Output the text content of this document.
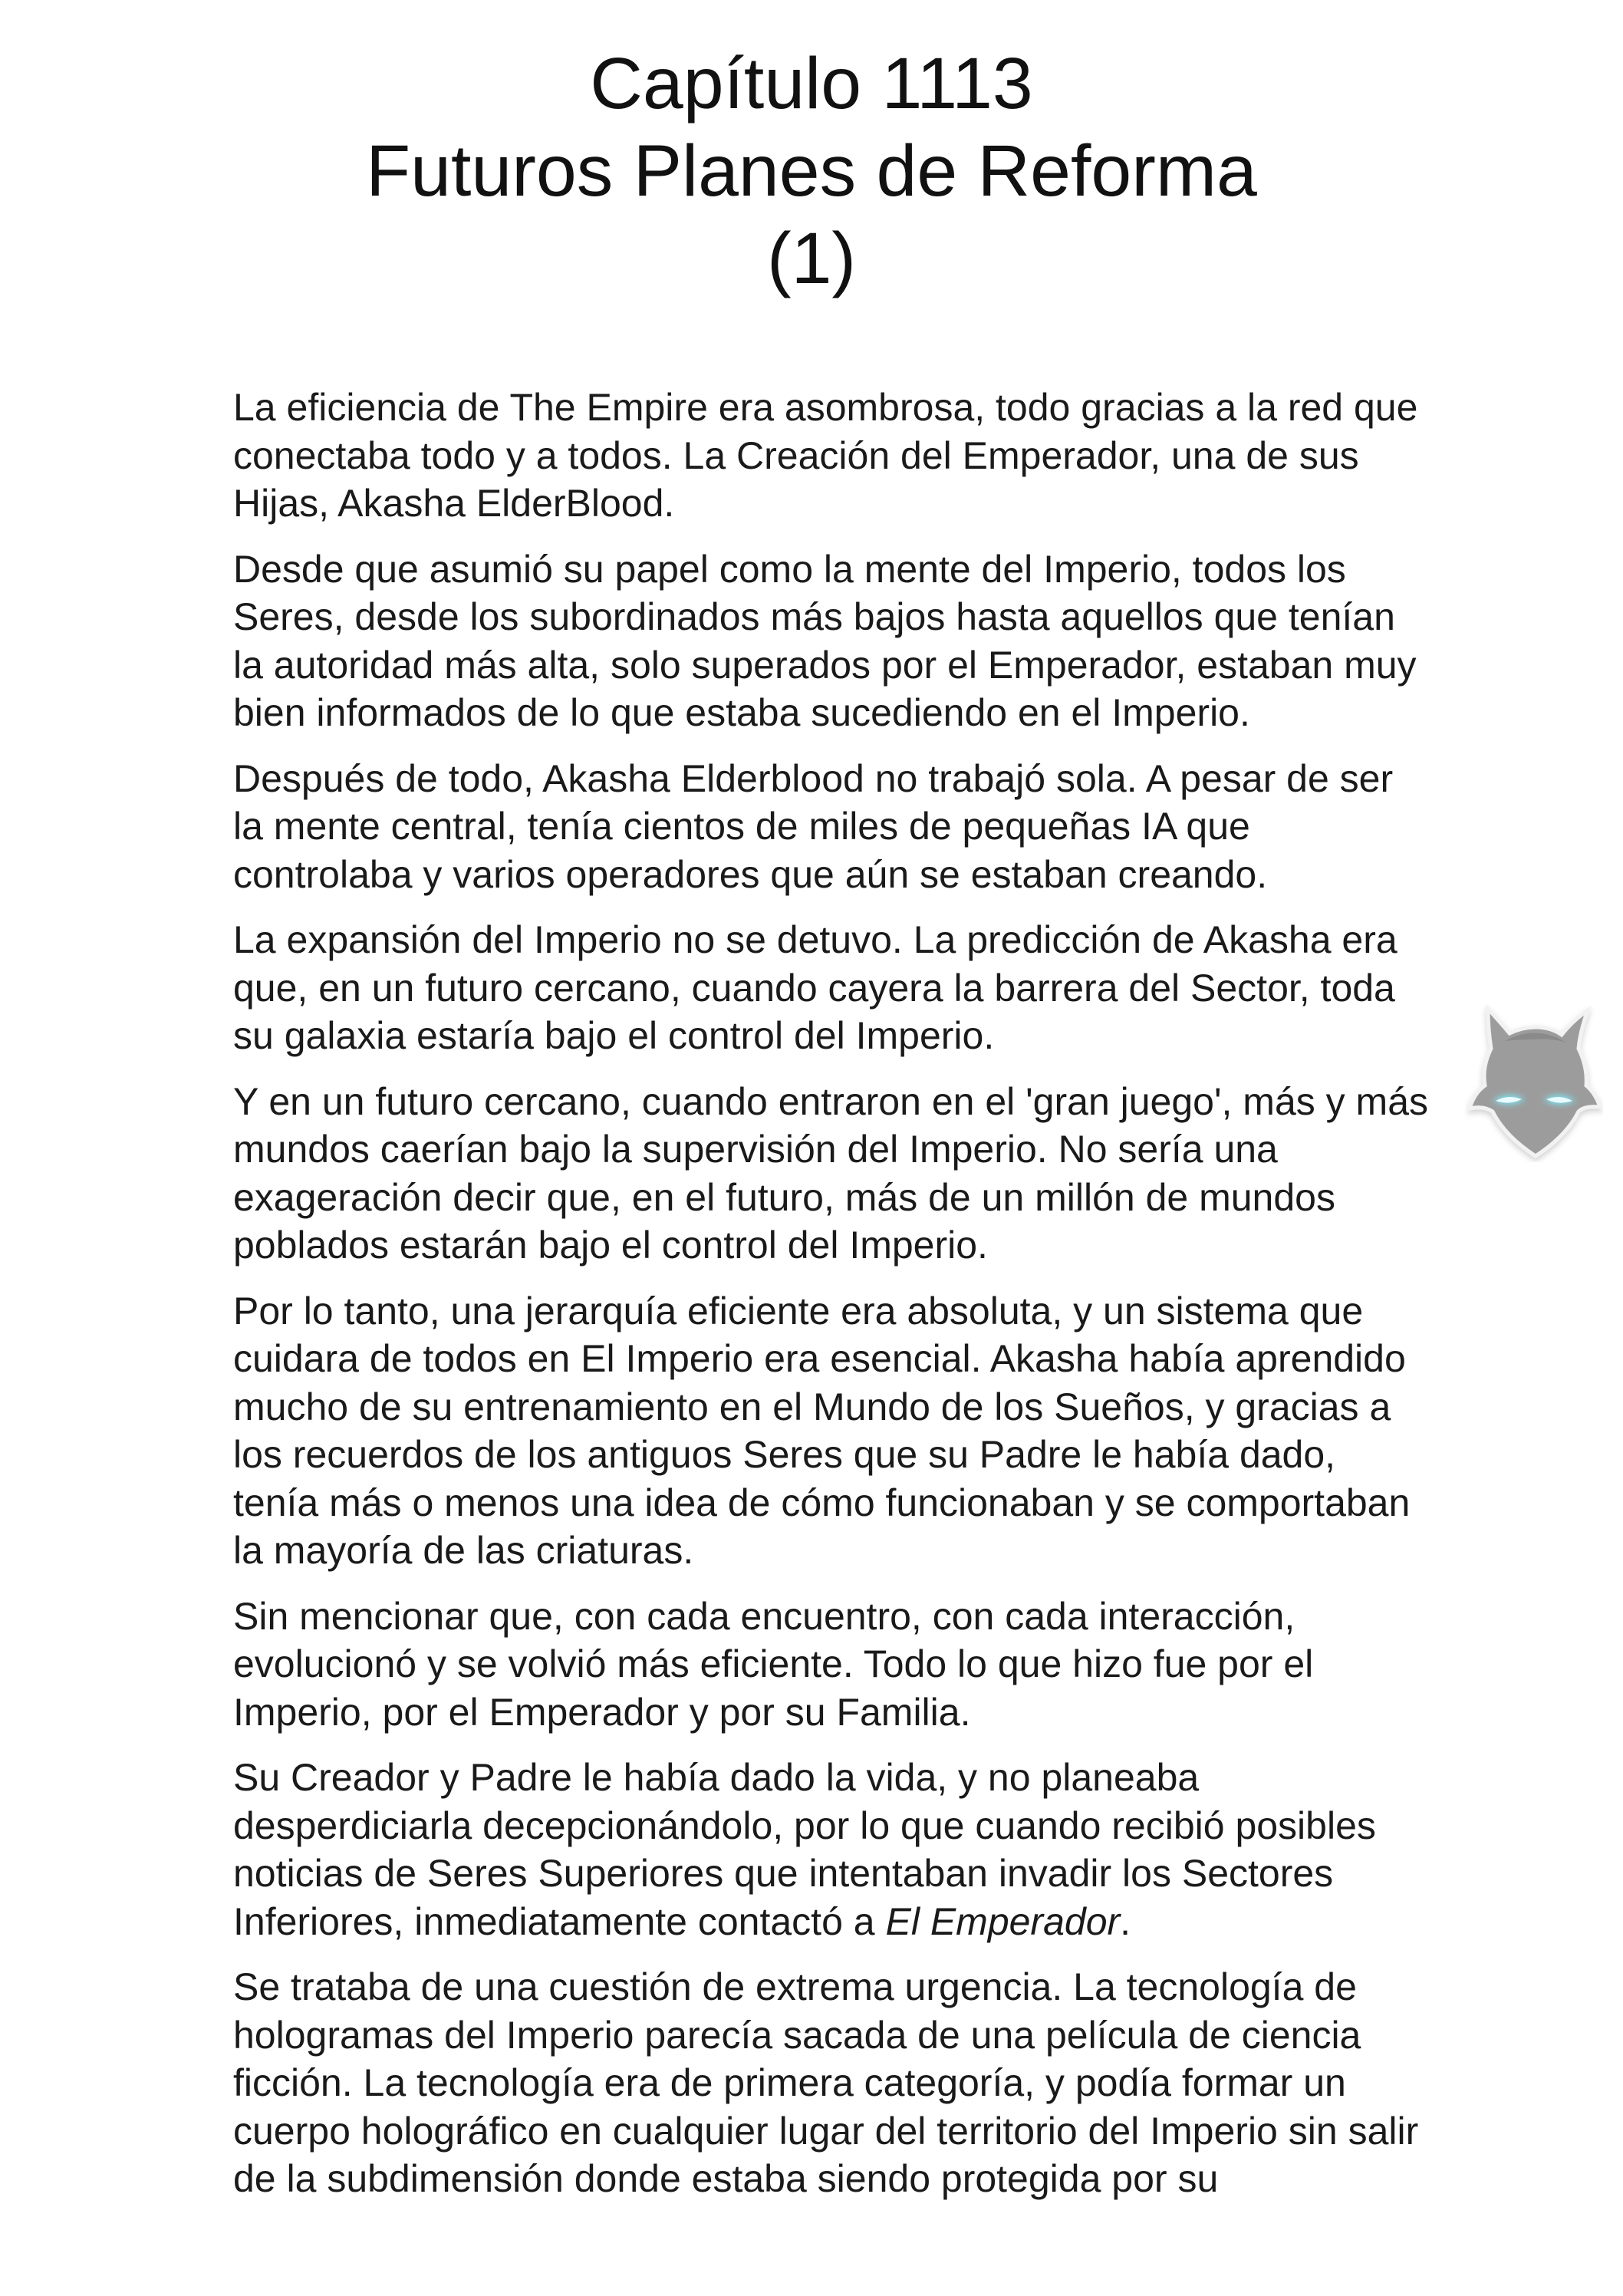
Capítulo 1113
Futuros Planes de Reforma
(1)

La eficiencia de The Empire era asombrosa, todo gracias a la red que conectaba todo y a todos. La Creación del Emperador, una de sus Hijas, Akasha ElderBlood.

Desde que asumió su papel como la mente del Imperio, todos los Seres, desde los subordinados más bajos hasta aquellos que tenían la autoridad más alta, solo superados por el Emperador, estaban muy bien informados de lo que estaba sucediendo en el Imperio.

Después de todo, Akasha Elderblood no trabajó sola. A pesar de ser la mente central, tenía cientos de miles de pequeñas IA que controlaba y varios operadores que aún se estaban creando.

La expansión del Imperio no se detuvo. La predicción de Akasha era que, en un futuro cercano, cuando cayera la barrera del Sector, toda su galaxia estaría bajo el control del Imperio.

Y en un futuro cercano, cuando entraron en el 'gran juego', más y más mundos caerían bajo la supervisión del Imperio. No sería una exageración decir que, en el futuro, más de un millón de mundos poblados estarán bajo el control del Imperio.

Por lo tanto, una jerarquía eficiente era absoluta, y un sistema que cuidara de todos en El Imperio era esencial. Akasha había aprendido mucho de su entrenamiento en el Mundo de los Sueños, y gracias a los recuerdos de los antiguos Seres que su Padre le había dado, tenía más o menos una idea de cómo funcionaban y se comportaban la mayoría de las criaturas.

Sin mencionar que, con cada encuentro, con cada interacción, evolucionó y se volvió más eficiente. Todo lo que hizo fue por el Imperio, por el Emperador y por su Familia.

Su Creador y Padre le había dado la vida, y no planeaba desperdiciarla decepcionándolo, por lo que cuando recibió posibles noticias de Seres Superiores que intentaban invadir los Sectores Inferiores, inmediatamente contactó a El Emperador.

Se trataba de una cuestión de extrema urgencia. La tecnología de hologramas del Imperio parecía sacada de una película de ciencia ficción. La tecnología era de primera categoría, y podía formar un cuerpo holográfico en cualquier lugar del territorio del Imperio sin salir de la subdimensión donde estaba siendo protegida por su
